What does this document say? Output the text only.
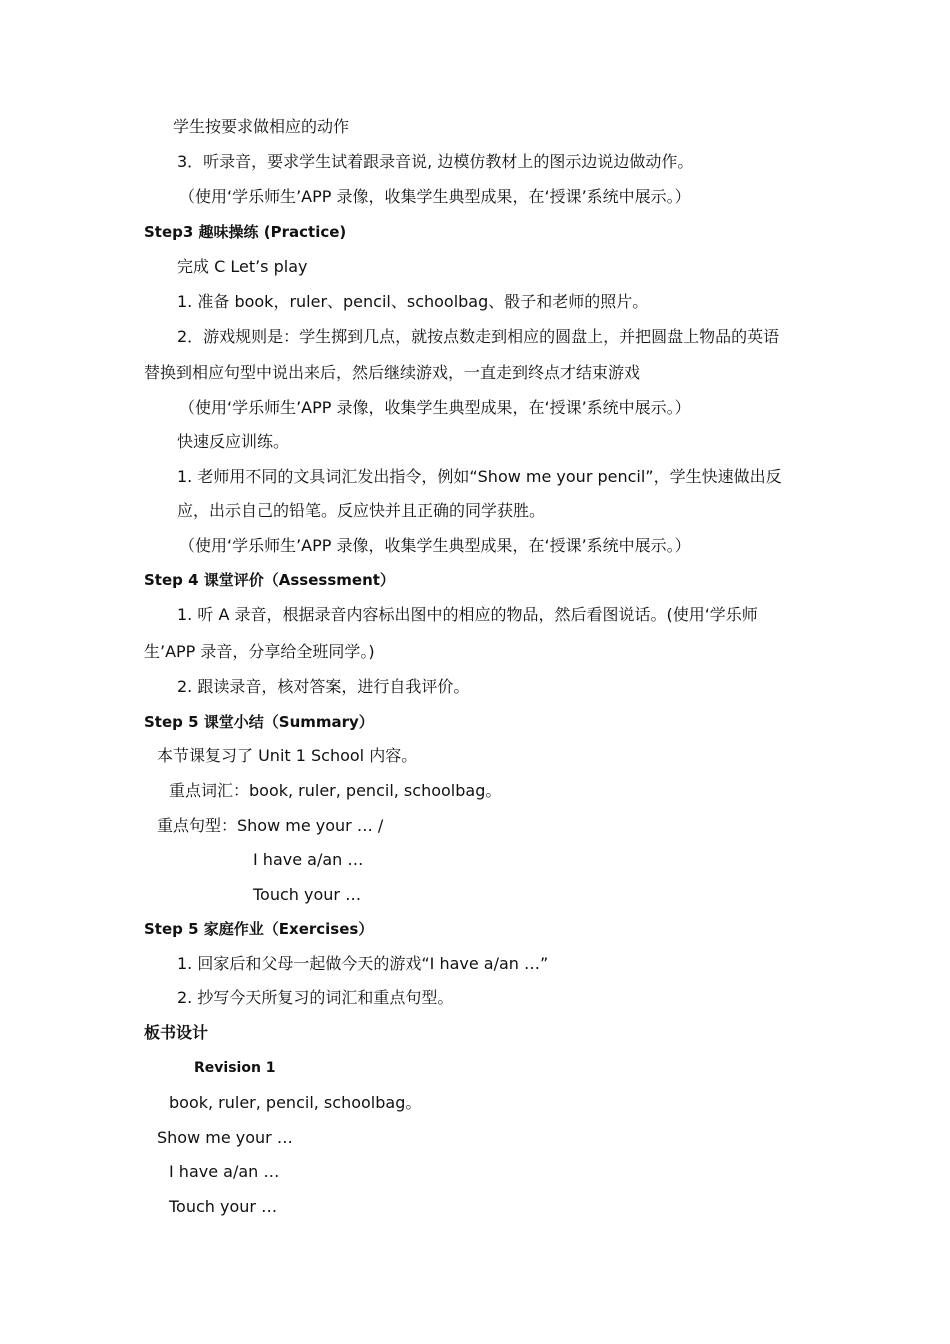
学生按要求做相应的动作
3．听录音，要求学生试着跟录音说, 边模仿教材上的图示边说边做动作。
（使用‘学乐师生’APP 录像，收集学生典型成果，在‘授课’系统中展示。）
Step3 趣味操练 (Practice)
完成 C Let’s play
1. 准备 book，ruler、pencil、schoolbag、骰子和老师的照片。
2．游戏规则是：学生掷到几点，就按点数走到相应的圆盘上，并把圆盘上物品的英语
替换到相应句型中说出来后，然后继续游戏，一直走到终点才结束游戏
（使用‘学乐师生’APP 录像，收集学生典型成果，在‘授课’系统中展示。）
快速反应训练。
1. 老师用不同的文具词汇发出指令，例如“Show me your pencil”，学生快速做出反
应，出示自己的铅笔。反应快并且正确的同学获胜。
（使用‘学乐师生’APP 录像，收集学生典型成果，在‘授课’系统中展示。）
Step 4 课堂评价（Assessment）
1. 听 A 录音，根据录音内容标出图中的相应的物品，然后看图说话。(使用‘学乐师
生’APP 录音，分享给全班同学。)
2. 跟读录音，核对答案，进行自我评价。
Step 5 课堂小结（Summary）
本节课复习了 Unit 1 School 内容。
重点词汇：book, ruler, pencil, schoolbag。
重点句型：Show me your … /
I have a/an …
Touch your …
Step 5 家庭作业（Exercises）
1. 回家后和父母一起做今天的游戏“I have a/an …”
2. 抄写今天所复习的词汇和重点句型。
板书设计
Revision 1
book, ruler, pencil, schoolbag。
Show me your …
I have a/an …
Touch your …
